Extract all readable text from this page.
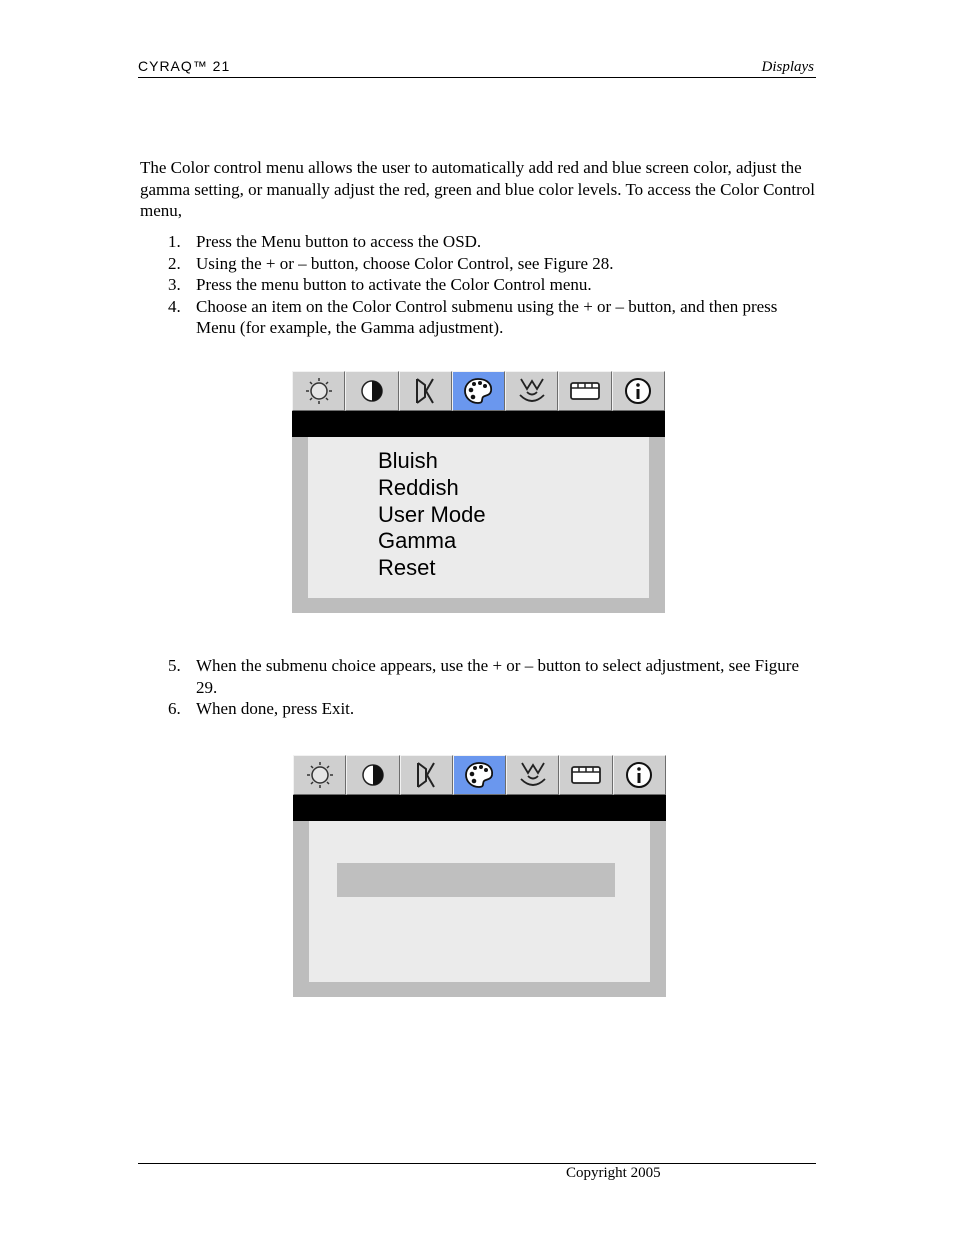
CYRAQ™ 21	Displays

The Color control menu allows the user to automatically add red and blue screen color, adjust the gamma setting, or manually adjust the red, green and blue color levels. To access the Color Control menu,

1. Press the Menu button to access the OSD.
2. Using the + or – button, choose Color Control, see Figure 28.
3. Press the menu button to activate the Color Control menu.
4. Choose an item on the Color Control submenu using the + or – button, and then press Menu (for example, the Gamma adjustment).
Bluish
Reddish
User Mode
Gamma
Reset
5. When the submenu choice appears, use the + or – button to select adjustment, see Figure 29.
6. When done, press Exit.
Copyright 2005
